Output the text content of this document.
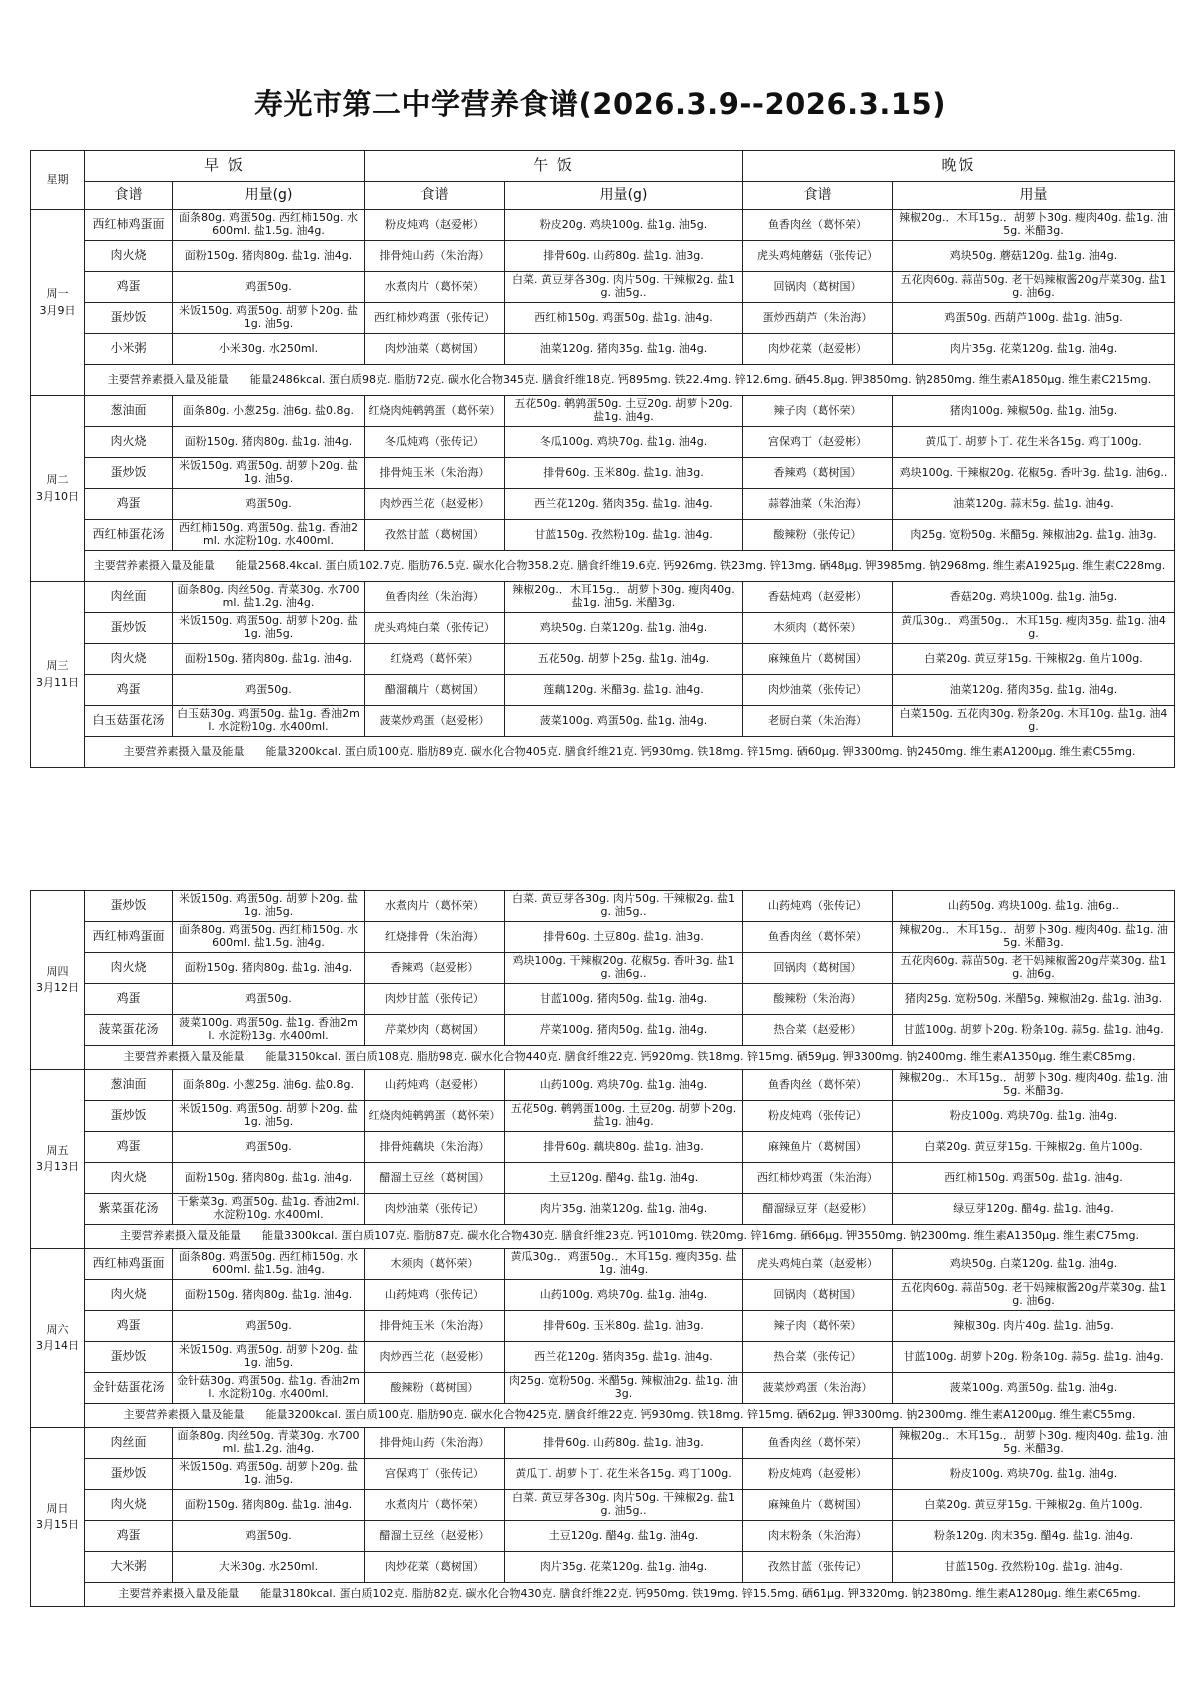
寿光市第二中学营养食谱(2026.3.9--2026.3.15)
星期	早 饭		午 饭		晚饭	
	食谱	用量(g)	食谱	用量(g)	食谱	用量

周一
3月9日	西红柿鸡蛋面	面条80g. 鸡蛋50g. 西红柿150g. 水600ml. 盐1.5g. 油4g.	粉皮炖鸡（赵爱彬）	粉皮20g. 鸡块100g. 盐1g. 油5g.	鱼香肉丝（葛怀荣）	辣椒20g.．木耳15g.．胡萝卜30g. 瘦肉40g. 盐1g. 油5g. 米醋3g.
	肉火烧	面粉150g. 猪肉80g. 盐1g. 油4g.	排骨炖山药（朱治海）	排骨60g. 山药80g. 盐1g. 油3g.	虎头鸡炖蘑菇（张传记）	鸡块50g. 蘑菇120g. 盐1g. 油4g.
	鸡蛋	鸡蛋50g.	水煮肉片（葛怀荣）	白菜. 黄豆芽各30g. 肉片50g. 干辣椒2g. 盐1g. 油5g..	回锅肉（葛树国）	五花肉60g. 蒜苗50g. 老干妈辣椒酱20g芹菜30g. 盐1g. 油6g.
	蛋炒饭	米饭150g. 鸡蛋50g. 胡萝卜20g. 盐1g. 油5g.	西红柿炒鸡蛋（张传记）	西红柿150g. 鸡蛋50g. 盐1g. 油4g.	蛋炒西葫芦（朱治海）	鸡蛋50g. 西葫芦100g. 盐1g. 油5g.
	小米粥	小米30g. 水250ml.	肉炒油菜（葛树国）	油菜120g. 猪肉35g. 盐1g. 油4g.	肉炒花菜（赵爱彬）	肉片35g. 花菜120g. 盐1g. 油4g.
	主要营养素摄入量及能量 能量2486kcal. 蛋白质98克. 脂肪72克. 碳水化合物345克. 膳食纤维18克. 钙895mg. 铁22.4mg. 锌12.6mg. 硒45.8μg. 钾3850mg. 钠2850mg. 维生素A1850μg. 维生素C215mg.					

周二
3月10日	葱油面	面条80g. 小葱25g. 油6g. 盐0.8g.	红烧肉炖鹌鹑蛋（葛怀荣）	五花50g. 鹌鹑蛋50g. 土豆20g. 胡萝卜20g. 盐1g. 油4g.	辣子肉（葛怀荣）	猪肉100g. 辣椒50g. 盐1g. 油5g.
	肉火烧	面粉150g. 猪肉80g. 盐1g. 油4g.	冬瓜炖鸡（张传记）	冬瓜100g. 鸡块70g. 盐1g. 油4g.	宫保鸡丁（赵爱彬）	黄瓜丁. 胡萝卜丁. 花生米各15g. 鸡丁100g.
	蛋炒饭	米饭150g. 鸡蛋50g. 胡萝卜20g. 盐1g. 油5g.	排骨炖玉米（朱治海）	排骨60g. 玉米80g. 盐1g. 油3g.	香辣鸡（葛树国）	鸡块100g. 干辣椒20g. 花椒5g. 香叶3g. 盐1g. 油6g..
	鸡蛋	鸡蛋50g.	肉炒西兰花（赵爱彬）	西兰花120g. 猪肉35g. 盐1g. 油4g.	蒜蓉油菜（朱治海）	油菜120g. 蒜末5g. 盐1g. 油4g.
	西红柿蛋花汤	西红柿150g. 鸡蛋50g. 盐1g. 香油2ml. 水淀粉10g. 水400ml.	孜然甘蓝（葛树国）	甘蓝150g. 孜然粉10g. 盐1g. 油4g.	酸辣粉（张传记）	肉25g. 宽粉50g. 米醋5g. 辣椒油2g. 盐1g. 油3g.
	主要营养素摄入量及能量 能量2568.4kcal. 蛋白质102.7克. 脂肪76.5克. 碳水化合物358.2克. 膳食纤维19.6克. 钙926mg. 铁23mg. 锌13mg. 硒48μg. 钾3985mg. 钠2968mg. 维生素A1925μg. 维生素C228mg.					

周三
3月11日	肉丝面	面条80g. 肉丝50g. 青菜30g. 水700ml. 盐1.2g. 油4g.	鱼香肉丝（朱治海）	辣椒20g.．木耳15g.．胡萝卜30g. 瘦肉40g. 盐1g. 油5g. 米醋3g.	香菇炖鸡（赵爱彬）	香菇20g. 鸡块100g. 盐1g. 油5g.
	蛋炒饭	米饭150g. 鸡蛋50g. 胡萝卜20g. 盐1g. 油5g.	虎头鸡炖白菜（张传记）	鸡块50g. 白菜120g. 盐1g. 油4g.	木须肉（葛怀荣）	黄瓜30g.．鸡蛋50g.．木耳15g. 瘦肉35g. 盐1g. 油4g.
	肉火烧	面粉150g. 猪肉80g. 盐1g. 油4g.	红烧鸡（葛怀荣）	五花50g. 胡萝卜25g. 盐1g. 油4g.	麻辣鱼片（葛树国）	白菜20g. 黄豆芽15g. 干辣椒2g. 鱼片100g.
	鸡蛋	鸡蛋50g.	醋溜藕片（葛树国）	莲藕120g. 米醋3g. 盐1g. 油4g.	肉炒油菜（张传记）	油菜120g. 猪肉35g. 盐1g. 油4g.
	白玉菇蛋花汤	白玉菇30g. 鸡蛋50g. 盐1g. 香油2ml. 水淀粉10g. 水400ml.	菠菜炒鸡蛋（赵爱彬）	菠菜100g. 鸡蛋50g. 盐1g. 油4g.	老厨白菜（朱治海）	白菜150g. 五花肉30g. 粉条20g. 木耳10g. 盐1g. 油4g.
	主要营养素摄入量及能量 能量3200kcal. 蛋白质100克. 脂肪89克. 碳水化合物405克. 膳食纤维21克. 钙930mg. 铁18mg. 锌15mg. 硒60μg. 钾3300mg. 钠2450mg. 维生素A1200μg. 维生素C55mg.					
周四
3月12日	蛋炒饭	米饭150g. 鸡蛋50g. 胡萝卜20g. 盐1g. 油5g.	水煮肉片（葛怀荣）	白菜. 黄豆芽各30g. 肉片50g. 干辣椒2g. 盐1g. 油5g..	山药炖鸡（张传记）	山药50g. 鸡块100g. 盐1g. 油6g..
	西红柿鸡蛋面	面条80g. 鸡蛋50g. 西红柿150g. 水600ml. 盐1.5g. 油4g.	红烧排骨（朱治海）	排骨60g. 土豆80g. 盐1g. 油3g.	鱼香肉丝（葛怀荣）	辣椒20g.．木耳15g.．胡萝卜30g. 瘦肉40g. 盐1g. 油5g. 米醋3g.
	肉火烧	面粉150g. 猪肉80g. 盐1g. 油4g.	香辣鸡（赵爱彬）	鸡块100g. 干辣椒20g. 花椒5g. 香叶3g. 盐1g. 油6g..	回锅肉（葛树国）	五花肉60g. 蒜苗50g. 老干妈辣椒酱20g芹菜30g. 盐1g. 油6g.
	鸡蛋	鸡蛋50g.	肉炒甘蓝（张传记）	甘蓝100g. 猪肉50g. 盐1g. 油4g.	酸辣粉（朱治海）	猪肉25g. 宽粉50g. 米醋5g. 辣椒油2g. 盐1g. 油3g.
	菠菜蛋花汤	菠菜100g. 鸡蛋50g. 盐1g. 香油2ml. 水淀粉13g. 水400ml.	芹菜炒肉（葛树国）	芹菜100g. 猪肉50g. 盐1g. 油4g.	热合菜（赵爱彬）	甘蓝100g. 胡萝卜20g. 粉条10g. 蒜5g. 盐1g. 油4g.
	主要营养素摄入量及能量 能量3150kcal. 蛋白质108克. 脂肪98克. 碳水化合物440克. 膳食纤维22克. 钙920mg. 铁18mg. 锌15mg. 硒59μg. 钾3300mg. 钠2400mg. 维生素A1350μg. 维生素C85mg.					

周五
3月13日	葱油面	面条80g. 小葱25g. 油6g. 盐0.8g.	山药炖鸡（赵爱彬）	山药100g. 鸡块70g. 盐1g. 油4g.	鱼香肉丝（葛怀荣）	辣椒20g.．木耳15g.．胡萝卜30g. 瘦肉40g. 盐1g. 油5g. 米醋3g.
	蛋炒饭	米饭150g. 鸡蛋50g. 胡萝卜20g. 盐1g. 油5g.	红烧肉炖鹌鹑蛋（葛怀荣）	五花50g. 鹌鹑蛋100g. 土豆20g. 胡萝卜20g. 盐1g. 油4g.	粉皮炖鸡（张传记）	粉皮100g. 鸡块70g. 盐1g. 油4g.
	鸡蛋	鸡蛋50g.	排骨炖藕块（朱治海）	排骨60g. 藕块80g. 盐1g. 油3g.	麻辣鱼片（葛树国）	白菜20g. 黄豆芽15g. 干辣椒2g. 鱼片100g.
	肉火烧	面粉150g. 猪肉80g. 盐1g. 油4g.	醋溜土豆丝（葛树国）	土豆120g. 醋4g. 盐1g. 油4g.	西红柿炒鸡蛋（朱治海）	西红柿150g. 鸡蛋50g. 盐1g. 油4g.
	紫菜蛋花汤	干紫菜3g. 鸡蛋50g. 盐1g. 香油2ml. 水淀粉10g. 水400ml.	肉炒油菜（张传记）	肉片35g. 油菜120g. 盐1g. 油4g.	醋溜绿豆芽（赵爱彬）	绿豆芽120g. 醋4g. 盐1g. 油4g.
	主要营养素摄入量及能量 能量3300kcal. 蛋白质107克. 脂肪87克. 碳水化合物430克. 膳食纤维23克. 钙1010mg. 铁20mg. 锌16mg. 硒66μg. 钾3550mg. 钠2300mg. 维生素A1350μg. 维生素C75mg.					

周六
3月14日	西红柿鸡蛋面	面条80g. 鸡蛋50g. 西红柿150g. 水600ml. 盐1.5g. 油4g.	木须肉（葛怀荣）	黄瓜30g.．鸡蛋50g.．木耳15g. 瘦肉35g. 盐1g. 油4g.	虎头鸡炖白菜（赵爱彬）	鸡块50g. 白菜120g. 盐1g. 油4g.
	肉火烧	面粉150g. 猪肉80g. 盐1g. 油4g.	山药炖鸡（张传记）	山药100g. 鸡块70g. 盐1g. 油4g.	回锅肉（葛树国）	五花肉60g. 蒜苗50g. 老干妈辣椒酱20g芹菜30g. 盐1g. 油6g.
	鸡蛋	鸡蛋50g.	排骨炖玉米（朱治海）	排骨60g. 玉米80g. 盐1g. 油3g.	辣子肉（葛怀荣）	辣椒30g. 肉片40g. 盐1g. 油5g.
	蛋炒饭	米饭150g. 鸡蛋50g. 胡萝卜20g. 盐1g. 油5g.	肉炒西兰花（赵爱彬）	西兰花120g. 猪肉35g. 盐1g. 油4g.	热合菜（张传记）	甘蓝100g. 胡萝卜20g. 粉条10g. 蒜5g. 盐1g. 油4g.
	金针菇蛋花汤	金针菇30g. 鸡蛋50g. 盐1g. 香油2ml. 水淀粉10g. 水400ml.	酸辣粉（葛树国）	肉25g. 宽粉50g. 米醋5g. 辣椒油2g. 盐1g. 油3g.	菠菜炒鸡蛋（朱治海）	菠菜100g. 鸡蛋50g. 盐1g. 油4g.
	主要营养素摄入量及能量 能量3200kcal. 蛋白质100克. 脂肪90克. 碳水化合物425克. 膳食纤维22克. 钙930mg. 铁18mg. 锌15mg. 硒62μg. 钾3300mg. 钠2300mg. 维生素A1200μg. 维生素C55mg.					

周日
3月15日	肉丝面	面条80g. 肉丝50g. 青菜30g. 水700ml. 盐1.2g. 油4g.	排骨炖山药（朱治海）	排骨60g. 山药80g. 盐1g. 油3g.	鱼香肉丝（葛怀荣）	辣椒20g.．木耳15g.．胡萝卜30g. 瘦肉40g. 盐1g. 油5g. 米醋3g.
	蛋炒饭	米饭150g. 鸡蛋50g. 胡萝卜20g. 盐1g. 油5g.	宫保鸡丁（张传记）	黄瓜丁. 胡萝卜丁. 花生米各15g. 鸡丁100g.	粉皮炖鸡（赵爱彬）	粉皮100g. 鸡块70g. 盐1g. 油4g.
	肉火烧	面粉150g. 猪肉80g. 盐1g. 油4g.	水煮肉片（葛怀荣）	白菜. 黄豆芽各30g. 肉片50g. 干辣椒2g. 盐1g. 油5g..	麻辣鱼片（葛树国）	白菜20g. 黄豆芽15g. 干辣椒2g. 鱼片100g.
	鸡蛋	鸡蛋50g.	醋溜土豆丝（赵爱彬）	土豆120g. 醋4g. 盐1g. 油4g.	肉末粉条（朱治海）	粉条120g. 肉末35g. 醋4g. 盐1g. 油4g.
	大米粥	大米30g. 水250ml.	肉炒花菜（葛树国）	肉片35g. 花菜120g. 盐1g. 油4g.	孜然甘蓝（张传记）	甘蓝150g. 孜然粉10g. 盐1g. 油4g.
	主要营养素摄入量及能量 能量3180kcal. 蛋白质102克. 脂肪82克. 碳水化合物430克. 膳食纤维22克. 钙950mg. 铁19mg. 锌15.5mg. 硒61μg. 钾3320mg. 钠2380mg. 维生素A1280μg. 维生素C65mg.					
